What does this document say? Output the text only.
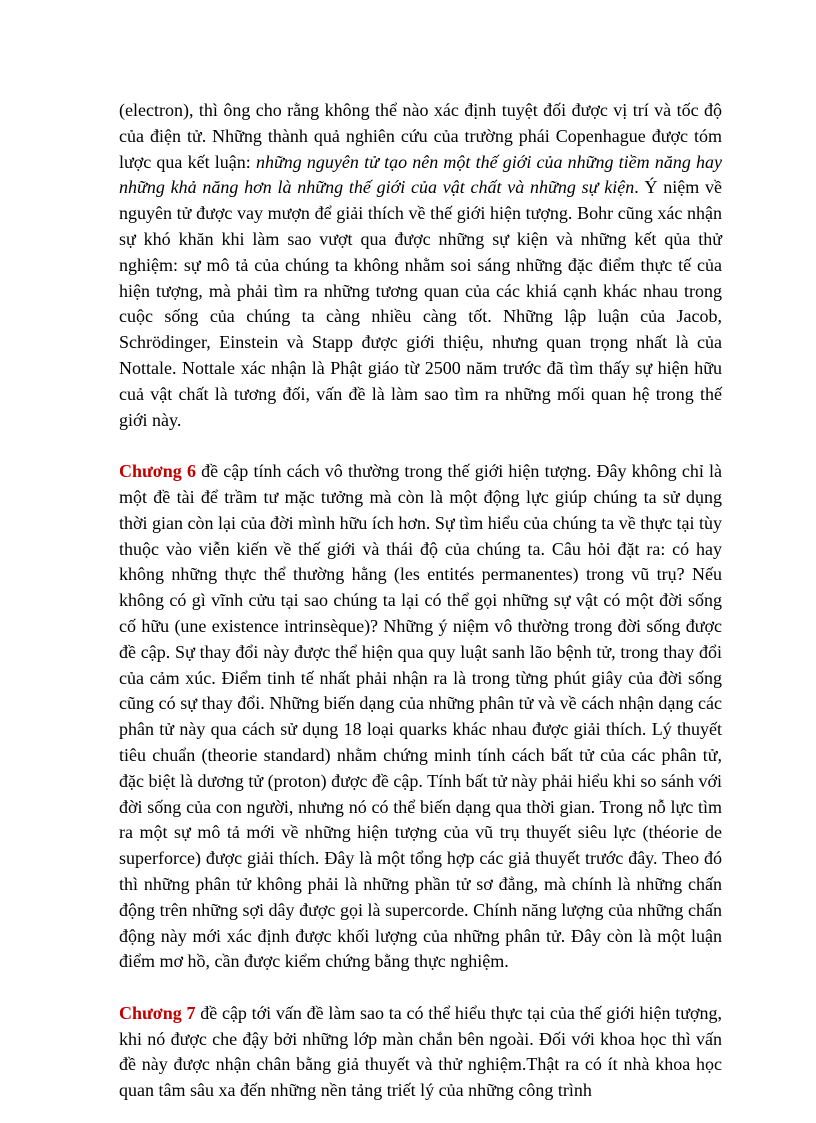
(electron), thì ông cho rằng không thể nào xác định tuyệt đối được vị trí và tốc độ của điện tử. Những thành quả nghiên cứu của trường phái Copenhague được tóm lược qua kết luận: những nguyên tử tạo nên một thế giới của những tiềm năng hay những khả năng hơn là những thế giới của vật chất và những sự kiện. Ý niệm về nguyên tử được vay mượn để giải thích về thế giới hiện tượng. Bohr cũng xác nhận sự khó khăn khi làm sao vượt qua được những sự kiện và những kết qủa thử nghiệm: sự mô tả của chúng ta không nhằm soi sáng những đặc điểm thực tế của hiện tượng, mà phải tìm ra những tương quan của các khiá cạnh khác nhau trong cuộc sống của chúng ta càng nhiều càng tốt. Những lập luận của Jacob, Schrödinger, Einstein và Stapp được giới thiệu, nhưng quan trọng nhất là của Nottale. Nottale xác nhận là Phật giáo từ 2500 năm trước đã tìm thấy sự hiện hữu cuả vật chất là tương đối, vấn đề là làm sao tìm ra những mối quan hệ trong thế giới này.

Chương 6 đề cập tính cách vô thường trong thế giới hiện tượng. Đây không chỉ là một đề tài để trầm tư mặc tưởng mà còn là một động lực giúp chúng ta sử dụng thời gian còn lại của đời mình hữu ích hơn. Sự tìm hiểu của chúng ta về thực tại tùy thuộc vào viễn kiến về thế giới và thái độ của chúng ta. Câu hỏi đặt ra: có hay không những thực thể thường hằng (les entités permanentes) trong vũ trụ? Nếu không có gì vĩnh cửu tại sao chúng ta lại có thể gọi những sự vật có một đời sống cố hữu (une existence intrinsèque)? Những ý niệm vô thường trong đời sống được đề cập. Sự thay đổi này được thể hiện qua quy luật sanh lão bệnh tử, trong thay đổi của cảm xúc. Điểm tinh tế nhất phải nhận ra là trong từng phút giây của đời sống cũng có sự thay đổi. Những biến dạng của những phân tử và về cách nhận dạng các phân tử này qua cách sử dụng 18 loại quarks khác nhau được giải thích. Lý thuyết tiêu chuẩn (theorie standard) nhằm chứng minh tính cách bất tử của các phân tử, đặc biệt là dương tử (proton) được đề cập. Tính bất tử này phải hiểu khi so sánh với đời sống của con người, nhưng nó có thể biến dạng qua thời gian. Trong nỗ lực tìm ra một sự mô tả mới về những hiện tượng của vũ trụ thuyết siêu lực (théorie de superforce) được giải thích. Đây là một tổng hợp các giả thuyết trước đây. Theo đó thì những phân tử không phải là những phần tử sơ đẳng, mà chính là những chấn động trên những sợi dây được gọi là supercorde. Chính năng lượng của những chấn động này mới xác định được khối lượng của những phân tử. Đây còn là một luận điểm mơ hồ, cần được kiểm chứng bằng thực nghiệm.

Chương 7 đề cập tới vấn đề làm sao ta có thể hiểu thực tại của thế giới hiện tượng, khi nó được che đậy bởi những lớp màn chắn bên ngoài. Đối với khoa học thì vấn đề này được nhận chân bằng giả thuyết và thử nghiệm.Thật ra có ít nhà khoa học quan tâm sâu xa đến những nền tảng triết lý của những công trình
